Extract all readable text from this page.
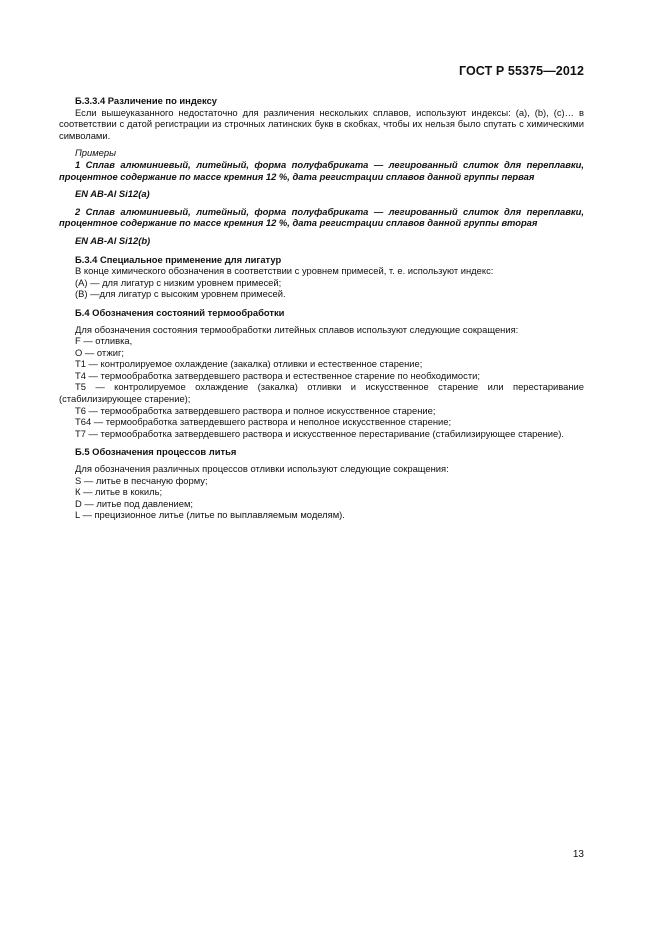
ГОСТ Р 55375—2012

Б.3.3.4 Различение по индексу

Если вышеуказанного недостаточно для различения нескольких сплавов, используют индексы: (а), (b), (с)… в соответствии с датой регистрации из строчных латинских букв в скобках, чтобы их нельзя было спутать с химическими символами.

Примеры

1 Сплав алюминиевый, литейный, форма полуфабриката — легированный слиток для переплавки, процентное содержание по массе кремния 12 %, дата регистрации сплавов данной группы первая

EN AB-Al Si12(a)

2 Сплав алюминиевый, литейный, форма полуфабриката — легированный слиток для переплавки, процентное содержание по массе кремния 12 %, дата регистрации сплавов данной группы вторая

EN AB-Al Si12(b)

Б.3.4 Специальное применение для лигатур

В конце химического обозначения в соответствии с уровнем примесей, т. е. используют индекс:

(А) — для лигатур с низким уровнем примесей;

(В) —для лигатур с высоким уровнем примесей.

Б.4 Обозначения состояний термообработки

Для обозначения состояния термообработки литейных сплавов используют следующие сокращения:

F — отливка,

О — отжиг;

Т1 — контролируемое охлаждение (закалка) отливки и естественное старение;

Т4 — термообработка затвердевшего раствора и естественное старение по необходимости;

Т5 — контролируемое охлаждение (закалка) отливки и искусственное старение или перестаривание (стабилизирующее старение);

Т6 — термообработка затвердевшего раствора и полное искусственное старение;

Т64 — термообработка затвердевшего раствора и неполное искусственное старение;

Т7 — термообработка затвердевшего раствора и искусственное перестаривание (стабилизирующее старение).

Б.5 Обозначения процессов литья

Для обозначения различных процессов отливки используют следующие сокращения:

S — литье в песчаную форму;

К — литье в кокиль;

D — литье под давлением;

L — прецизионное литье (литье по выплавляемым моделям).

13
